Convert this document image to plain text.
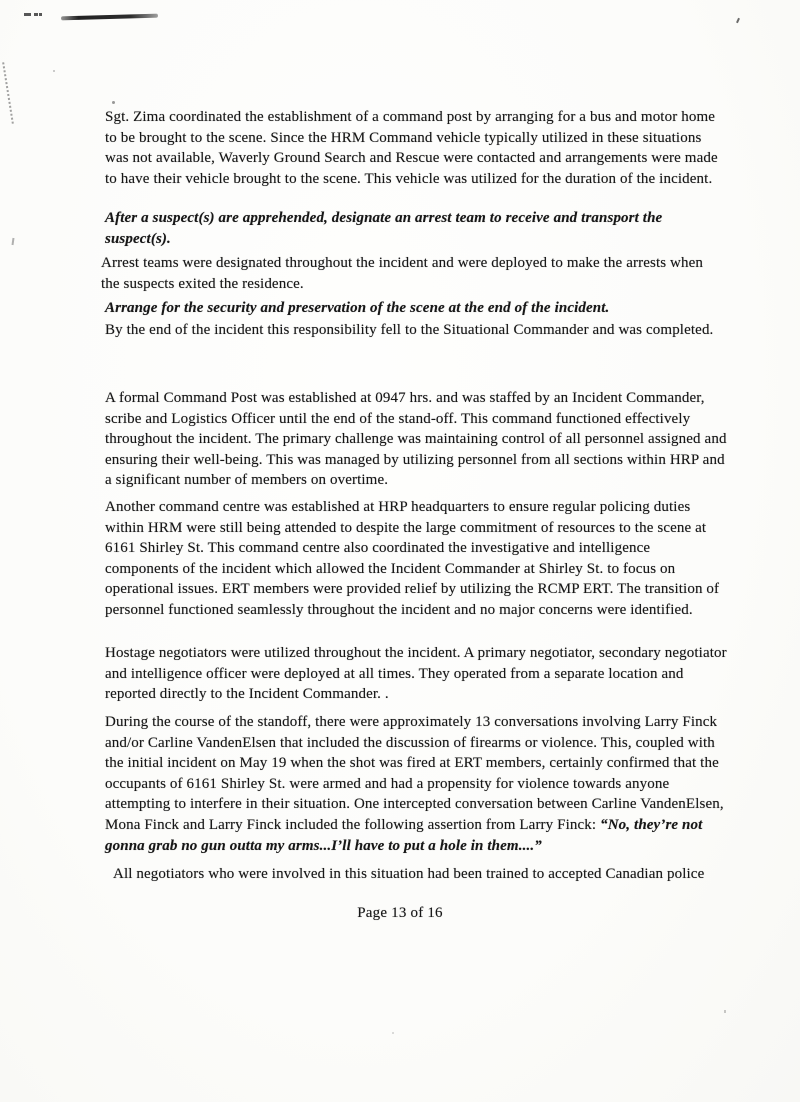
Sgt. Zima coordinated the establishment of a command post by arranging for a bus and motor home to be brought to the scene. Since the HRM Command vehicle typically utilized in these situations was not available, Waverly Ground Search and Rescue were contacted and arrangements were made to have their vehicle brought to the scene. This vehicle was utilized for the duration of the incident.

After a suspect(s) are apprehended, designate an arrest team to receive and transport the suspect(s).

Arrest teams were designated throughout the incident and were deployed to make the arrests when the suspects exited the residence.

Arrange for the security and preservation of the scene at the end of the incident.

By the end of the incident this responsibility fell to the Situational Commander and was completed.

A formal Command Post was established at 0947 hrs. and was staffed by an Incident Commander, scribe and Logistics Officer until the end of the stand-off. This command functioned effectively throughout the incident. The primary challenge was maintaining control of all personnel assigned and ensuring their well-being. This was managed by utilizing personnel from all sections within HRP and a significant number of members on overtime.

Another command centre was established at HRP headquarters to ensure regular policing duties within HRM were still being attended to despite the large commitment of resources to the scene at 6161 Shirley St. This command centre also coordinated the investigative and intelligence components of the incident which allowed the Incident Commander at Shirley St. to focus on operational issues. ERT members were provided relief by utilizing the RCMP ERT. The transition of personnel functioned seamlessly throughout the incident and no major concerns were identified.

Hostage negotiators were utilized throughout the incident. A primary negotiator, secondary negotiator and intelligence officer were deployed at all times. They operated from a separate location and reported directly to the Incident Commander. .

During the course of the standoff, there were approximately 13 conversations involving Larry Finck and/or Carline VandenElsen that included the discussion of firearms or violence. This, coupled with the initial incident on May 19 when the shot was fired at ERT members, certainly confirmed that the occupants of 6161 Shirley St. were armed and had a propensity for violence towards anyone attempting to interfere in their situation. One intercepted conversation between Carline VandenElsen, Mona Finck and Larry Finck included the following assertion from Larry Finck: “No, they’re not gonna grab no gun outta my arms...I’ll have to put a hole in them....”

All negotiators who were involved in this situation had been trained to accepted Canadian police

Page 13 of 16
